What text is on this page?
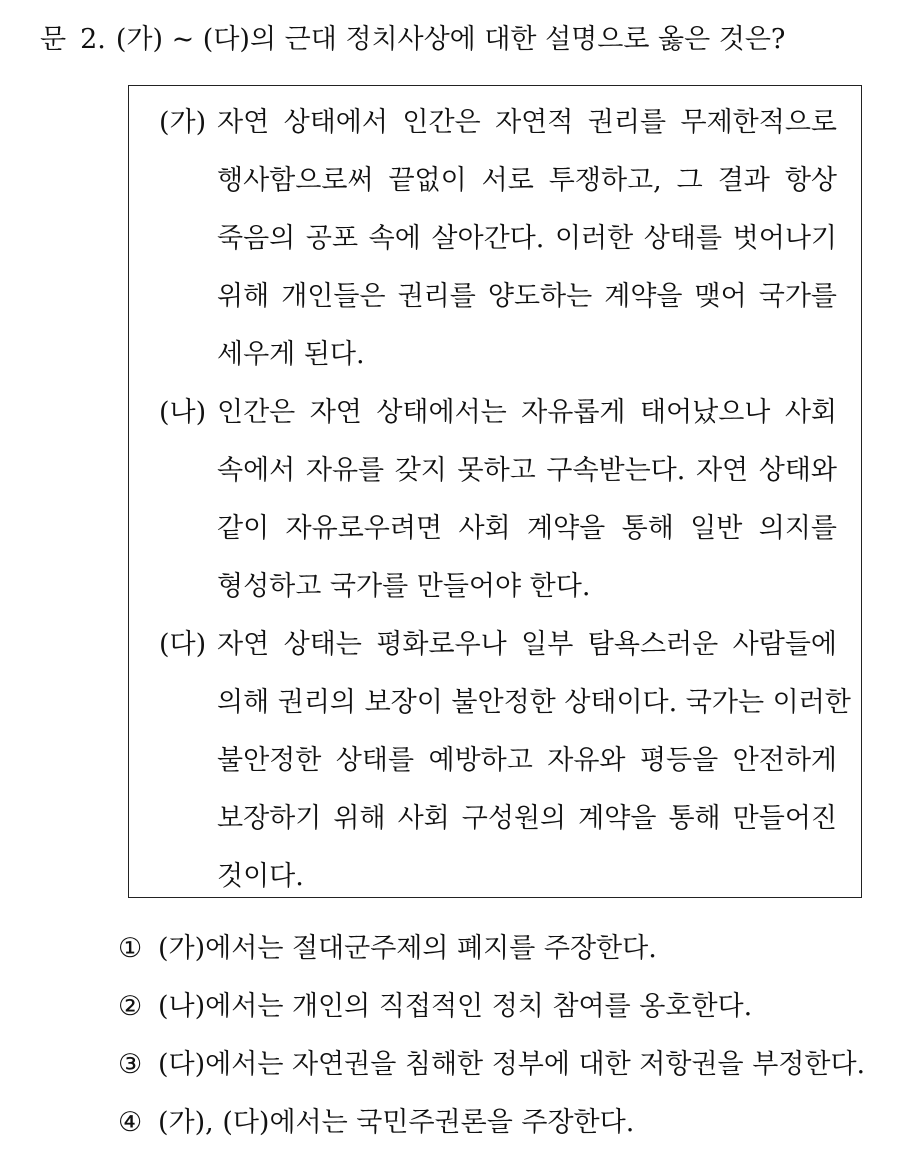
문 2. (가) ~ (다)의 근대 정치사상에 대한 설명으로 옳은 것은?
(가) 자연 상태에서 인간은 자연적 권리를 무제한적으로
행사함으로써 끝없이 서로 투쟁하고, 그 결과 항상
죽음의 공포 속에 살아간다. 이러한 상태를 벗어나기
위해 개인들은 권리를 양도하는 계약을 맺어 국가를
세우게 된다.
(나) 인간은 자연 상태에서는 자유롭게 태어났으나 사회
속에서 자유를 갖지 못하고 구속받는다. 자연 상태와
같이 자유로우려면 사회 계약을 통해 일반 의지를
형성하고 국가를 만들어야 한다.
(다) 자연 상태는 평화로우나 일부 탐욕스러운 사람들에
의해 권리의 보장이 불안정한 상태이다. 국가는 이러한
불안정한 상태를 예방하고 자유와 평등을 안전하게
보장하기 위해 사회 구성원의 계약을 통해 만들어진
것이다.
① (가)에서는 절대군주제의 폐지를 주장한다.
② (나)에서는 개인의 직접적인 정치 참여를 옹호한다.
③ (다)에서는 자연권을 침해한 정부에 대한 저항권을 부정한다.
④ (가), (다)에서는 국민주권론을 주장한다.
